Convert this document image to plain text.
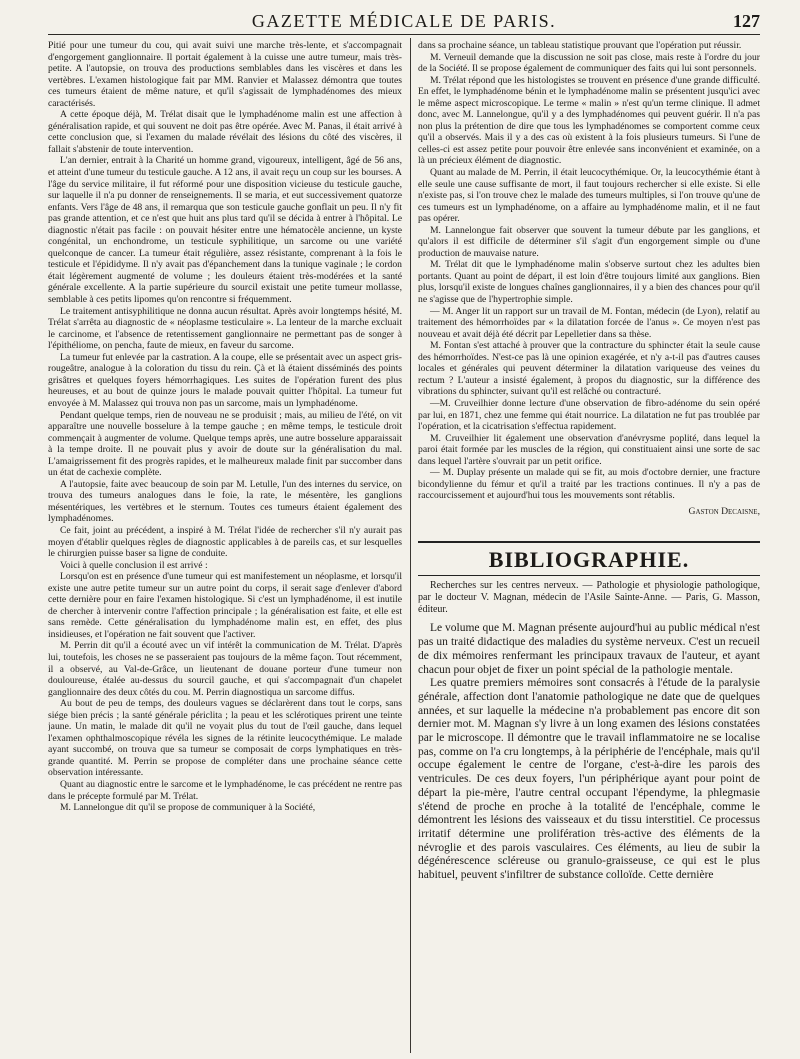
GAZETTE MÉDICALE DE PARIS.	127

Pitié pour une tumeur du cou, qui avait suivi une marche très-lente, et s'accompagnait d'engorgement ganglionnaire. Il portait également à la cuisse une autre tumeur, mais très-petite. A l'autopsie, on trouva des productions semblables dans les viscères et dans les vertèbres. L'examen histologique fait par MM. Ranvier et Malassez démontra que toutes ces tumeurs étaient de même nature, et qu'il s'agissait de lymphadénomes des mieux caractérisés.

A cette époque déjà, M. Trélat disait que le lymphadénome malin est une affection à généralisation rapide, et qui souvent ne doit pas être opérée. Avec M. Panas, il était arrivé à cette conclusion que, si l'examen du malade révélait des lésions du côté des viscères, il fallait s'abstenir de toute intervention.

L'an dernier, entrait à la Charité un homme grand, vigoureux, intelligent, âgé de 56 ans, et atteint d'une tumeur du testicule gauche. A 12 ans, il avait reçu un coup sur les bourses. A l'âge du service militaire, il fut réformé pour une disposition vicieuse du testicule gauche, sur laquelle il n'a pu donner de renseignements. Il se maria, et eut successivement quatorze enfants. Vers l'âge de 48 ans, il remarqua que son testicule gauche gonflait un peu. Il n'y fit pas grande attention, et ce n'est que huit ans plus tard qu'il se décida à entrer à l'hôpital. Le diagnostic n'était pas facile : on pouvait hésiter entre une hématocèle ancienne, un kyste congénital, un enchondrome, un testicule syphilitique, un sarcome ou une variété quelconque de cancer. La tumeur était régulière, assez résistante, comprenant à la fois le testicule et l'épididyme. Il n'y avait pas d'épanchement dans la tunique vaginale ; le cordon était légèrement augmenté de volume ; les douleurs étaient très-modérées et la santé générale excellente. A la partie supérieure du sourcil existait une petite tumeur mollasse, semblable à ces petits lipomes qu'on rencontre si fréquemment.

Le traitement antisyphilitique ne donna aucun résultat. Après avoir longtemps hésité, M. Trélat s'arrêta au diagnostic de « néoplasme testiculaire ». La lenteur de la marche excluait le carcinome, et l'absence de retentissement ganglionnaire ne permettant pas de songer à l'épithéliome, on pencha, faute de mieux, en faveur du sarcome.

La tumeur fut enlevée par la castration. A la coupe, elle se présentait avec un aspect gris-rougeâtre, analogue à la coloration du tissu du rein. Çà et là étaient disséminés des points grisâtres et quelques foyers hémorrhagiques. Les suites de l'opération furent des plus heureuses, et au bout de quinze jours le malade pouvait quitter l'hôpital. La tumeur fut envoyée à M. Malassez qui trouva non pas un sarcome, mais un lymphadénome.

Pendant quelque temps, rien de nouveau ne se produisit ; mais, au milieu de l'été, on vit apparaître une nouvelle bosselure à la tempe gauche ; en même temps, le testicule droit commençait à augmenter de volume. Quelque temps après, une autre bosselure apparaissait à la tempe droite. Il ne pouvait plus y avoir de doute sur la généralisation du mal. L'amaigrissement fit des progrès rapides, et le malheureux malade finit par succomber dans un état de cachexie complète.

A l'autopsie, faite avec beaucoup de soin par M. Letulle, l'un des internes du service, on trouva des tumeurs analogues dans le foie, la rate, le mésentère, les ganglions mésentériques, les vertèbres et le sternum. Toutes ces tumeurs étaient également des lymphadénomes.

Ce fait, joint au précédent, a inspiré à M. Trélat l'idée de rechercher s'il n'y aurait pas moyen d'établir quelques règles de diagnostic applicables à de pareils cas, et sur lesquelles le chirurgien puisse baser sa ligne de conduite.

Voici à quelle conclusion il est arrivé :

Lorsqu'on est en présence d'une tumeur qui est manifestement un néoplasme, et lorsqu'il existe une autre petite tumeur sur un autre point du corps, il serait sage d'enlever d'abord cette dernière pour en faire l'examen histologique. Si c'est un lymphadénome, il est inutile de chercher à intervenir contre l'affection principale ; la généralisation est faite, et elle est sans remède. Cette généralisation du lymphadénome malin est, en effet, des plus insidieuses, et l'opération ne fait souvent que l'activer.

M. Perrin dit qu'il a écouté avec un vif intérêt la communication de M. Trélat. D'après lui, toutefois, les choses ne se passeraient pas toujours de la même façon. Tout récemment, il a observé, au Val-de-Grâce, un lieutenant de douane porteur d'une tumeur non douloureuse, étalée au-dessus du sourcil gauche, et qui s'accompagnait d'un chapelet ganglionnaire des deux côtés du cou. M. Perrin diagnostiqua un sarcome diffus.

Au bout de peu de temps, des douleurs vagues se déclarèrent dans tout le corps, sans siége bien précis ; la santé générale périclita ; la peau et les sclérotiques prirent une teinte jaune. Un matin, le malade dit qu'il ne voyait plus du tout de l'œil gauche, dans lequel l'examen ophthalmoscopique révéla les signes de la rétinite leucocythémique. Le malade ayant succombé, on trouva que sa tumeur se composait de corps lymphatiques en très-grande quantité. M. Perrin se propose de compléter dans une prochaine séance cette observation intéressante.

Quant au diagnostic entre le sarcome et le lymphadénome, le cas précédent ne rentre pas dans le précepte formulé par M. Trélat.

M. Lannelongue dit qu'il se propose de communiquer à la Société,

dans sa prochaine séance, un tableau statistique prouvant que l'opération put réussir.

M. Verneuil demande que la discussion ne soit pas close, mais reste à l'ordre du jour de la Société. Il se propose également de communiquer des faits qui lui sont personnels.

M. Trélat répond que les histologistes se trouvent en présence d'une grande difficulté. En effet, le lymphadénome bénin et le lymphadénome malin se présentent jusqu'ici avec le même aspect microscopique. Le terme « malin » n'est qu'un terme clinique. Il admet donc, avec M. Lannelongue, qu'il y a des lymphadénomes qui peuvent guérir. Il n'a pas non plus la prétention de dire que tous les lymphadénomes se comportent comme ceux qu'il a observés. Mais il y a des cas où existent à la fois plusieurs tumeurs. Si l'une de celles-ci est assez petite pour pouvoir être enlevée sans inconvénient et examinée, on a là un précieux élément de diagnostic.

Quant au malade de M. Perrin, il était leucocythémique. Or, la leucocythémie étant à elle seule une cause suffisante de mort, il faut toujours rechercher si elle existe. Si elle n'existe pas, si l'on trouve chez le malade des tumeurs multiples, si l'on trouve qu'une de ces tumeurs est un lymphadénome, on a affaire au lymphadénome malin, et il ne faut pas opérer.

M. Lannelongue fait observer que souvent la tumeur débute par les ganglions, et qu'alors il est difficile de déterminer s'il s'agit d'un engorgement simple ou d'une production de mauvaise nature.

M. Trélat dit que le lymphadénome malin s'observe surtout chez les adultes bien portants. Quant au point de départ, il est loin d'être toujours limité aux ganglions. Bien plus, lorsqu'il existe de longues chaînes ganglionnaires, il y a bien des chances pour qu'il ne s'agisse que de l'hypertrophie simple.

— M. Anger lit un rapport sur un travail de M. Fontan, médecin (de Lyon), relatif au traitement des hémorrhoïdes par « la dilatation forcée de l'anus ». Ce moyen n'est pas nouveau et avait déjà été décrit par Lepelletier dans sa thèse.

M. Fontan s'est attaché à prouver que la contracture du sphincter était la seule cause des hémorrhoïdes. N'est-ce pas là une opinion exagérée, et n'y a-t-il pas d'autres causes locales et générales qui peuvent déterminer la dilatation variqueuse des veines du rectum ? L'auteur a insisté également, à propos du diagnostic, sur la différence des vibrations du sphincter, suivant qu'il est relâché ou contracturé.

—M. Cruveilhier donne lecture d'une observation de fibro-adénome du sein opéré par lui, en 1871, chez une femme qui était nourrice. La dilatation ne fut pas troublée par l'opération, et la cicatrisation s'effectua rapidement.

M. Cruveilhier lit également une observation d'anévrysme poplité, dans lequel la paroi était formée par les muscles de la région, qui constituaient ainsi une sorte de sac dans lequel l'artère s'ouvrait par un petit orifice.

— M. Duplay présente un malade qui se fit, au mois d'octobre dernier, une fracture bicondylienne du fémur et qu'il a traité par les tractions continues. Il n'y a pas de raccourcissement et aujourd'hui tous les mouvements sont rétablis.

Gaston Decaisne,
BIBLIOGRAPHIE.

Recherches sur les centres nerveux. — Pathologie et physiologie pathologique, par le docteur V. Magnan, médecin de l'Asile Sainte-Anne. — Paris, G. Masson, éditeur.

Le volume que M. Magnan présente aujourd'hui au public médical n'est pas un traité didactique des maladies du système nerveux. C'est un recueil de dix mémoires renfermant les principaux travaux de l'auteur, et ayant chacun pour objet de fixer un point spécial de la pathologie mentale.

Les quatre premiers mémoires sont consacrés à l'étude de la paralysie générale, affection dont l'anatomie pathologique ne date que de quelques années, et sur laquelle la médecine n'a probablement pas encore dit son dernier mot. M. Magnan s'y livre à un long examen des lésions constatées par le microscope. Il démontre que le travail inflammatoire ne se localise pas, comme on l'a cru longtemps, à la périphérie de l'encéphale, mais qu'il occupe également le centre de l'organe, c'est-à-dire les parois des ventricules. De ces deux foyers, l'un périphérique ayant pour point de départ la pie-mère, l'autre central occupant l'épendyme, la phlegmasie s'étend de proche en proche à la totalité de l'encéphale, comme le démontrent les lésions des vaisseaux et du tissu interstitiel. Ce processus irritatif détermine une prolifération très-active des éléments de la névroglie et des parois vasculaires. Ces éléments, au lieu de subir la dégénérescence scléreuse ou granulo-graisseuse, ce qui est le plus habituel, peuvent s'infiltrer de substance colloïde. Cette dernière
